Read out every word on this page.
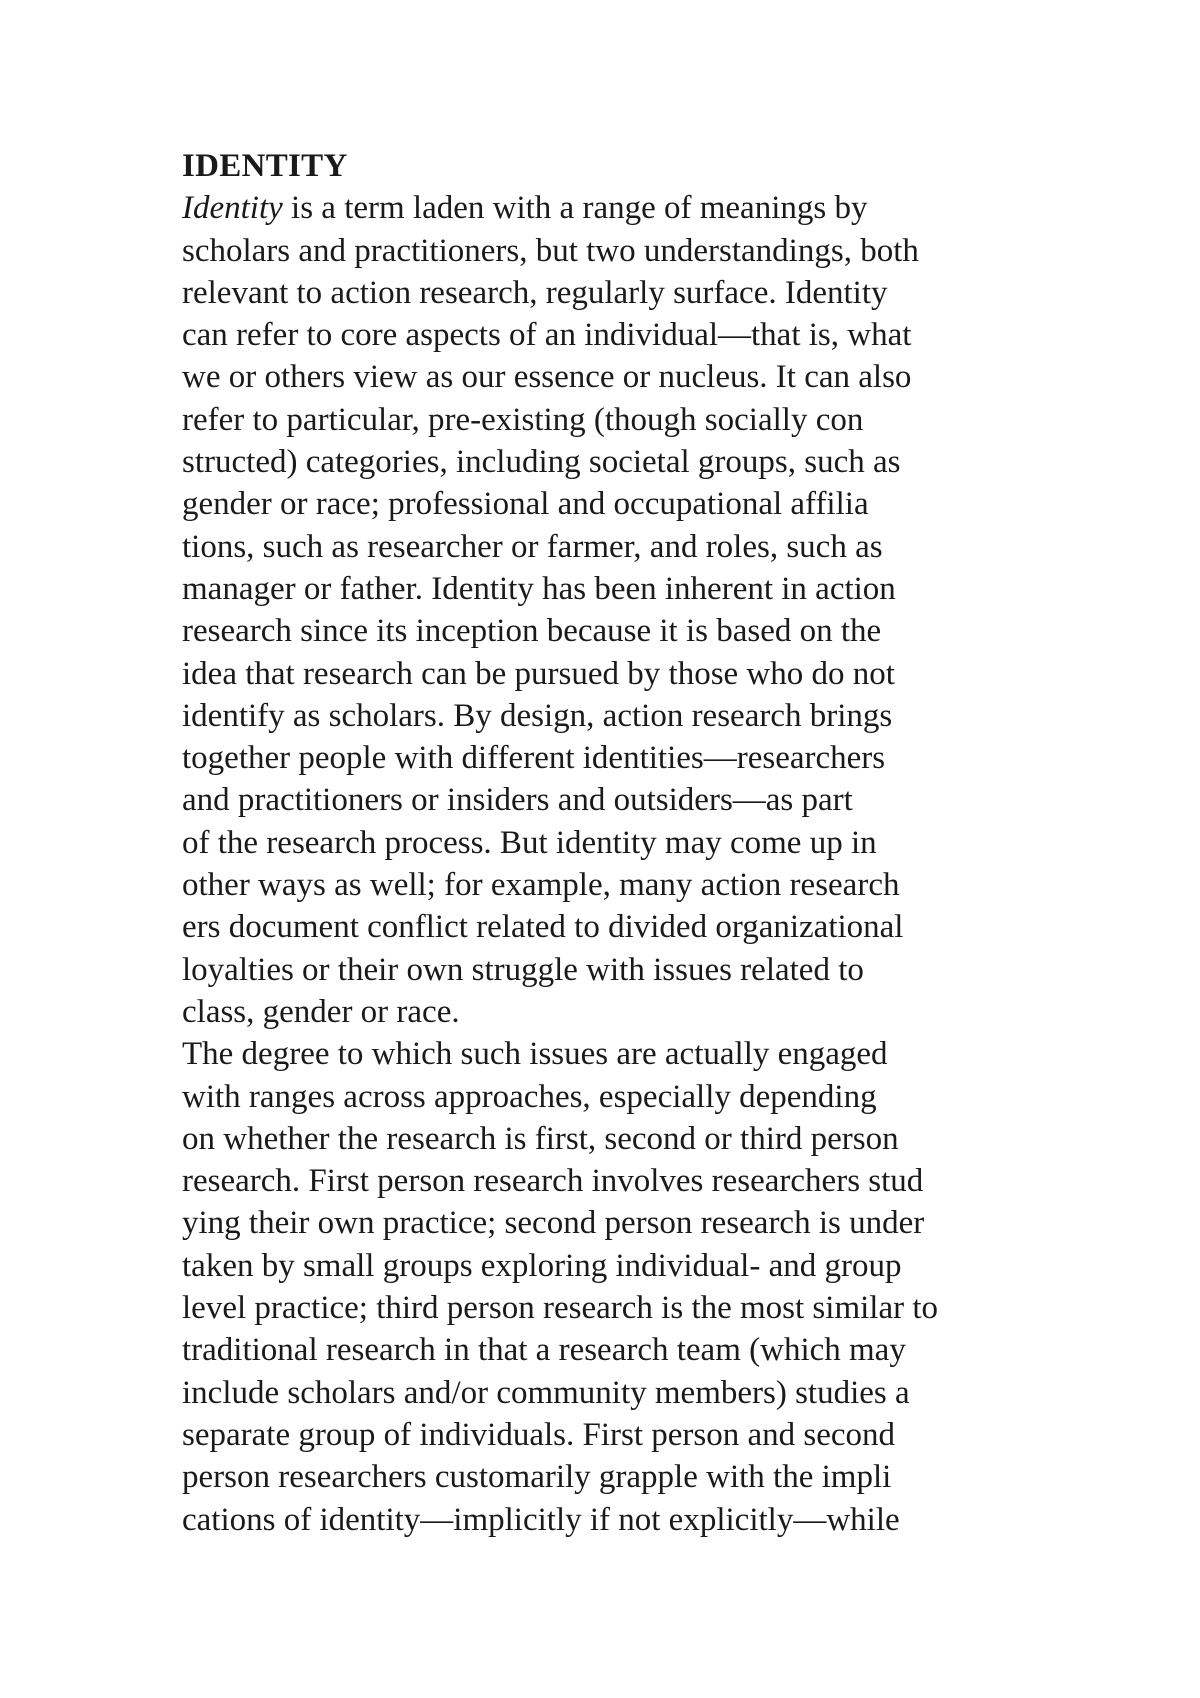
IDENTITY
Identity is a term laden with a range of meanings by
scholars and practitioners, but two understandings, both
relevant to action research, regularly surface. Identity
can refer to core aspects of an individual—that is, what
we or others view as our essence or nucleus. It can also
refer to particular, pre-existing (though socially con
structed) categories, including societal groups, such as
gender or race; professional and occupational affilia
tions, such as researcher or farmer, and roles, such as
manager or father. Identity has been inherent in action
research since its inception because it is based on the
idea that research can be pursued by those who do not
identify as scholars. By design, action research brings
together people with different identities—researchers
and practitioners or insiders and outsiders—as part
of the research process. But identity may come up in
other ways as well; for example, many action research
ers document conflict related to divided organizational
loyalties or their own struggle with issues related to
class, gender or race.
The degree to which such issues are actually engaged
with ranges across approaches, especially depending
on whether the research is first, second or third person
research. First person research involves researchers stud
ying their own practice; second person research is under
taken by small groups exploring individual- and group
level practice; third person research is the most similar to
traditional research in that a research team (which may
include scholars and/or community members) studies a
separate group of individuals. First person and second
person researchers customarily grapple with the impli
cations of identity—implicitly if not explicitly—while
